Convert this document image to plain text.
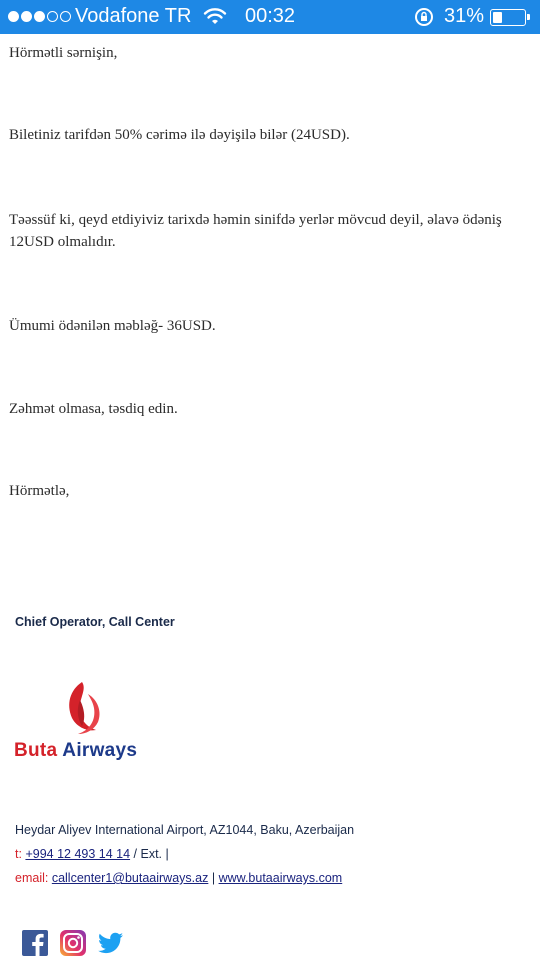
Vodafone TR	00:32	31%

Hörmətli sərnişin,

Biletiniz tarifdən 50% cərimə ilə dəyişilə bilər (24USD).

Təəssüf ki, qeyd etdiyiviz tarixdə həmin sinifdə yerlər mövcud deyil, əlavə ödəniş 12USD olmalıdır.

Ümumi ödənilən məbləğ- 36USD.

Zəhmət olmasa, təsdiq edin.

Hörmətlə,

Chief Operator, Call Center
Buta Airways
Heydar Aliyev International Airport, AZ1044, Baku, Azerbaijan
t: +994 12 493 14 14 / Ext. |
email: callcenter1@butaairways.az | www.butaairways.com
